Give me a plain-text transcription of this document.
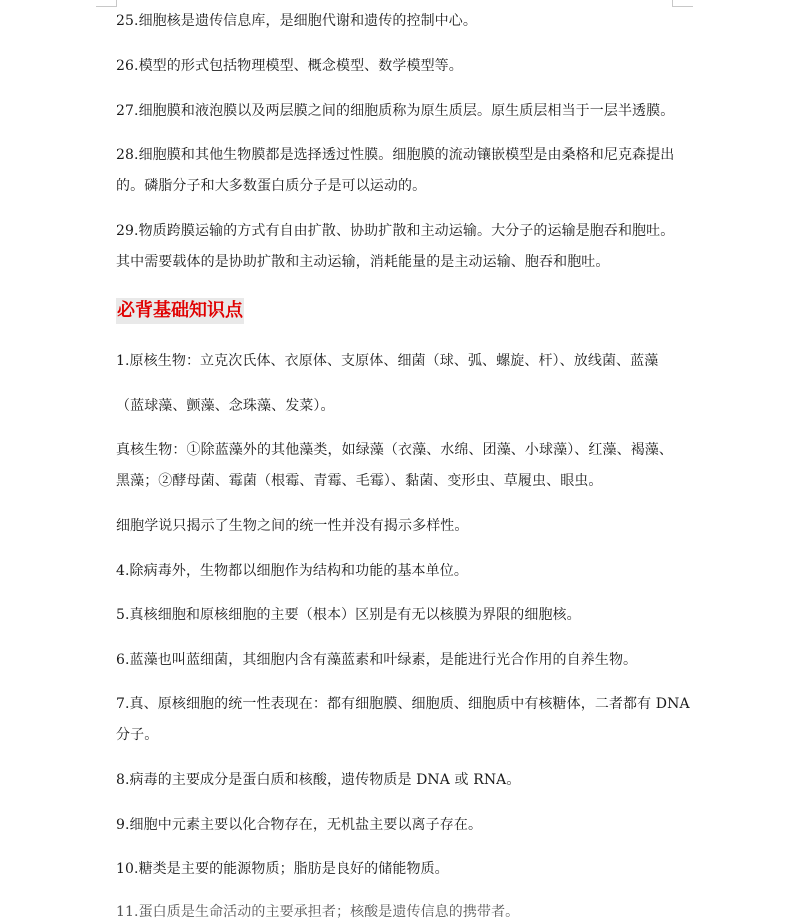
25.细胞核是遗传信息库，是细胞代谢和遗传的控制中心。
26.模型的形式包括物理模型、概念模型、数学模型等。
27.细胞膜和液泡膜以及两层膜之间的细胞质称为原生质层。原生质层相当于一层半透膜。
28.细胞膜和其他生物膜都是选择透过性膜。细胞膜的流动镶嵌模型是由桑格和尼克森提出
的。磷脂分子和大多数蛋白质分子是可以运动的。
29.物质跨膜运输的方式有自由扩散、协助扩散和主动运输。大分子的运输是胞吞和胞吐。
其中需要载体的是协助扩散和主动运输，消耗能量的是主动运输、胞吞和胞吐。
必背基础知识点
1.原核生物：立克次氏体、衣原体、支原体、细菌（球、弧、螺旋、杆）、放线菌、蓝藻
（蓝球藻、颤藻、念珠藻、发菜）。
真核生物：①除蓝藻外的其他藻类，如绿藻（衣藻、水绵、团藻、小球藻）、红藻、褐藻、
黑藻；②酵母菌、霉菌（根霉、青霉、毛霉）、黏菌、变形虫、草履虫、眼虫。
细胞学说只揭示了生物之间的统一性并没有揭示多样性。
4.除病毒外，生物都以细胞作为结构和功能的基本单位。
5.真核细胞和原核细胞的主要（根本）区别是有无以核膜为界限的细胞核。
6.蓝藻也叫蓝细菌，其细胞内含有藻蓝素和叶绿素，是能进行光合作用的自养生物。
7.真、原核细胞的统一性表现在：都有细胞膜、细胞质、细胞质中有核糖体，二者都有 DNA
分子。
8.病毒的主要成分是蛋白质和核酸，遗传物质是 DNA 或 RNA。
9.细胞中元素主要以化合物存在，无机盐主要以离子存在。
10.糖类是主要的能源物质；脂肪是良好的储能物质。
11.蛋白质是生命活动的主要承担者；核酸是遗传信息的携带者。
